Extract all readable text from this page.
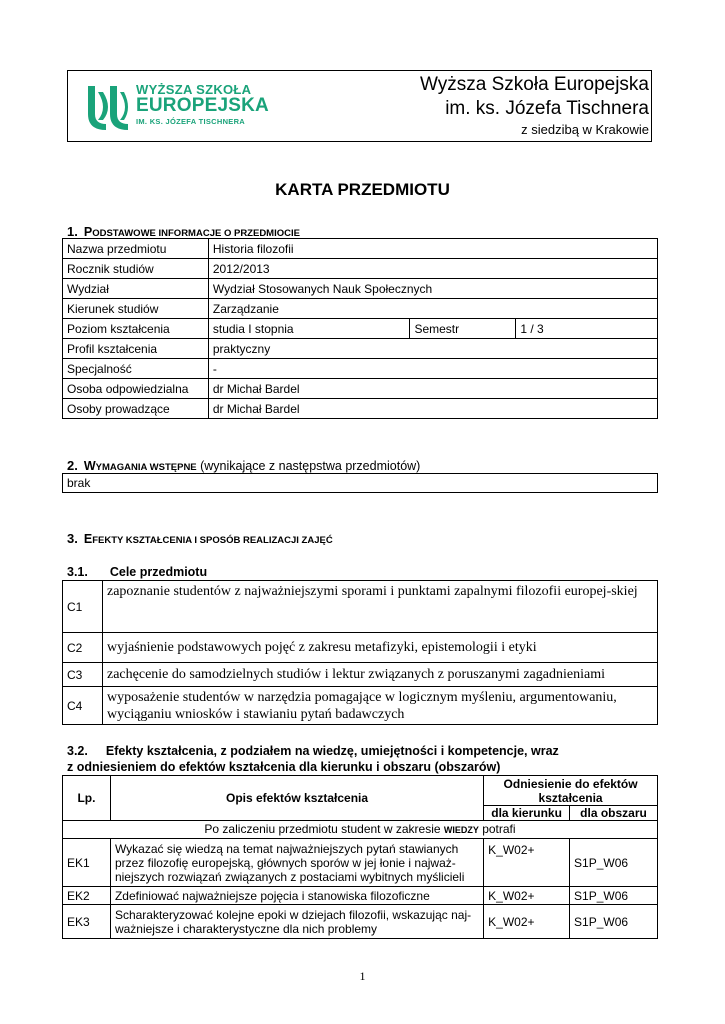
WYŻSZA SZKOŁA
EUROPEJSKA
IM. KS. JÓZEFA TISCHNERA
Wyższa Szkoła Europejska
im. ks. Józefa Tischnera
z siedzibą w Krakowie
KARTA PRZEDMIOTU
1. PODSTAWOWE INFORMACJE O PRZEDMIOCIE
Nazwa przedmiotu	Historia filozofii		
Rocznik studiów	2012/2013		
Wydział	Wydział Stosowanych Nauk Społecznych		
Kierunek studiów	Zarządzanie		
Poziom kształcenia	studia I stopnia	Semestr	1 / 3
Profil kształcenia	praktyczny		
Specjalność	-		
Osoba odpowiedzialna	dr Michał Bardel		
Osoby prowadzące	dr Michał Bardel		
2. WYMAGANIA WSTĘPNE (wynikające z następstwa przedmiotów)
brak
3. EFEKTY KSZTAŁCENIA I SPOSÓB REALIZACJI ZAJĘĆ
3.1. Cele przedmiotu
C1	zapoznanie studentów z najważniejszymi sporami i punktami zapalnymi filozofii europej-skiej
C2	wyjaśnienie podstawowych pojęć z zakresu metafizyki, epistemologii i etyki
C3	zachęcenie do samodzielnych studiów i lektur związanych z poruszanymi zagadnieniami
C4	wyposażenie studentów w narzędzia pomagające w logicznym myśleniu, argumentowaniu, wyciąganiu wniosków i stawianiu pytań badawczych
3.2. Efekty kształcenia, z podziałem na wiedzę, umiejętności i kompetencje, wraz
z odniesieniem do efektów kształcenia dla kierunku i obszaru (obszarów)
Lp.	Opis efektów kształcenia	Odniesienie do efektów kształcenia	
		dla kierunku	dla obszaru
Po zaliczeniu przedmiotu student w zakresie WIEDZY potrafi			
EK1	Wykazać się wiedzą na temat najważniejszych pytań stawianych przez filozofię europejską, głównych sporów w jej łonie i najważ-niejszych rozwiązań związanych z postaciami wybitnych myślicieli	K_W02+	S1P_W06
EK2	Zdefiniować najważniejsze pojęcia i stanowiska filozoficzne	K_W02+	S1P_W06
EK3	Scharakteryzować kolejne epoki w dziejach filozofii, wskazując naj-ważniejsze i charakterystyczne dla nich problemy	K_W02+	S1P_W06
1
